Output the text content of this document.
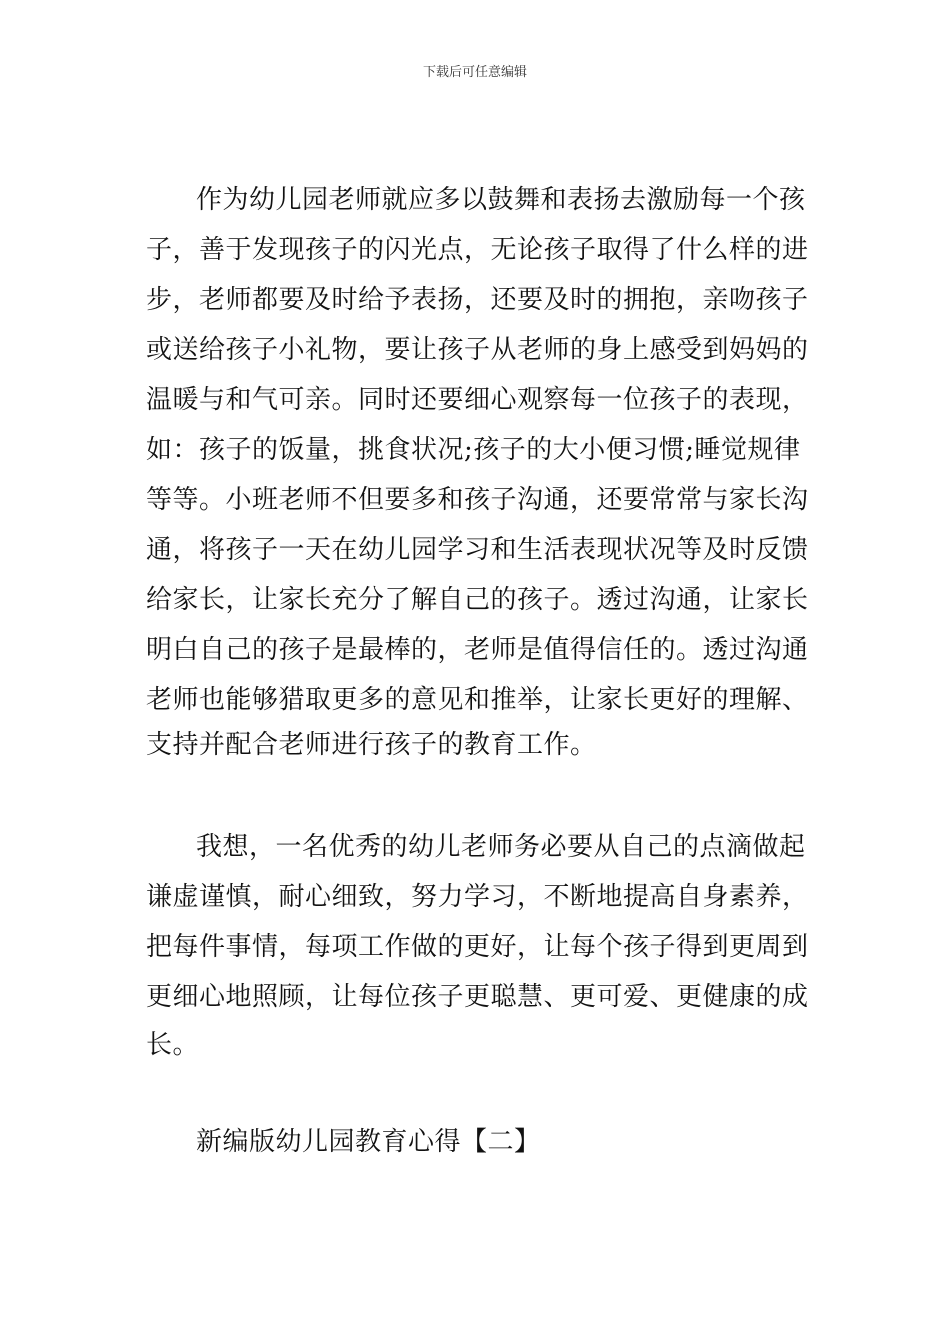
下载后可任意编辑
作为幼儿园老师就应多以鼓舞和表扬去激励每一个孩
子，善于发现孩子的闪光点，无论孩子取得了什么样的进
步，老师都要及时给予表扬，还要及时的拥抱，亲吻孩子
或送给孩子小礼物，要让孩子从老师的身上感受到妈妈的
温暖与和气可亲。同时还要细心观察每一位孩子的表现，
如：孩子的饭量，挑食状况;孩子的大小便习惯;睡觉规律
等等。小班老师不但要多和孩子沟通，还要常常与家长沟
通，将孩子一天在幼儿园学习和生活表现状况等及时反馈
给家长，让家长充分了解自己的孩子。透过沟通，让家长
明白自己的孩子是最棒的，老师是值得信任的。透过沟通
老师也能够猎取更多的意见和推举，让家长更好的理解、
支持并配合老师进行孩子的教育工作。
我想，一名优秀的幼儿老师务必要从自己的点滴做起
谦虚谨慎，耐心细致，努力学习，不断地提高自身素养，
把每件事情，每项工作做的更好，让每个孩子得到更周到
更细心地照顾，让每位孩子更聪慧、更可爱、更健康的成
长。
新编版幼儿园教育心得【二】
